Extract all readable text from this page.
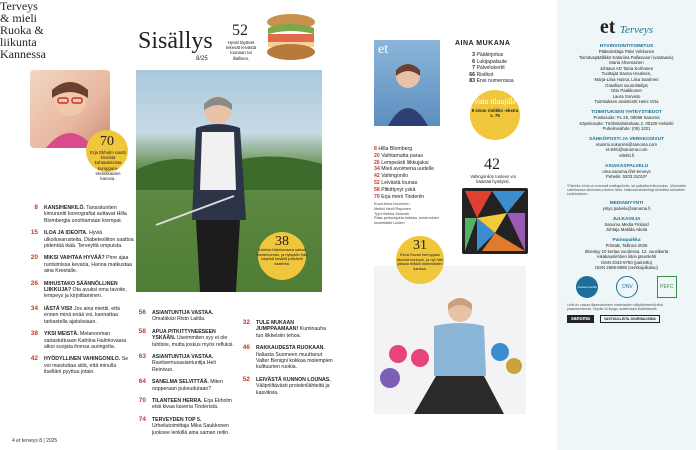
70
Erja Ekholm nautti kivoista kohtaamisista kumppani-ehdokkaiden kanssa.
Terveys & mieli
8 KANSIHENKILÖ. Tanssituntien kimurantit koreografiat auttavat Hilla Blombergia unohtamaan krempat.
15 ILOA JA IDEOITA. Hyviä ulkoiluvarusteita, Diabetesliiton saattoa pidentää ikää. Terveyttä ompuista.
20 MIKSI VAIHTAA HYVÄÄ? Pirre ajaa ruotsimissa kevaria, Hanna matkustaa aina Kreetalle.
26 MIHUSTAKO SÄÄNNÖLLINEN LIIKKUJA? Ota avuksi oma tavoite, lempeys ja kirjoittaminen.
34 IÄSTÄ VISI! Jos aina miettii, että ennen minä enää voi, kannattaa tarkastella ajatuksiaan.
38 YKSI MEISTÄ. Melanooman sairastuttuaan Katriina Halmiovaara alkoi suojata ihonsa auringolta.
42 HYÖDYLLINEN VAHINGONILO. Se voi muistuttaa siitä, että minulla itselläni pyyttuu jotain.
Sisällys
8/25
52
Hyvät täytteet tekevät leivästä lounaan tai illallisen.
38
Katriina Halmiovaara saisuti melanooman, ja nykyään hän käyttää kesällä peittäviä vaatteita.
56 ASIANTUNTIJA VASTAA. Omaläkäri Risto Laitila.
58 APUA PITKITTYNEESEEN YSKÄÄN. Useimmiten syy ei ole tuhtiste, mutta joskus myös refluksi.
63 ASIANTUNTIJA VASTAA. Ravitsemusasiantuntija Heli Reinivuo.
64 SANELMA SELVITTÄÄ. Miten oopperaan pukeudutaan?
70 TILANTEEN HERRA. Erja Ekholm etsii kivaa kaveria Tinderistä.
74 TERVEYDEN TOP 5. Urheilutoimittaja Mika Saukkonen juoksee lenkillä aina saman reitin.
Ruoka & liikunta
32 TULE MUKAAN JUMPPAAMAAN! Kuminauha tuo liikkeisiin tehoa.
46 RAKKAUDESTA RUOKAAN. Italiasta Suomeen muuttanut Valter Benigni kokkaa molempien kulttuurien ruokia.
52 LEIVÄSTÄ KUNNON LOUNAS. Välipriiltävästi proteiinilähteitä ja kasviksia.
4 et terveys 8 | 2025
et	AINA MUKANA

3 Pääkirjoitus

6 Lukijapalaute

7 Palvelukortit

66 Ristikot

83 Ensi numerossa

Vain tilaajille
8 sivun ristikko -ekstra s. 75
Kannessa

8 Hilla Blomberg

20 Vaihtamatta paras

26 Lempeästi liikkujaksi

34 Mieli avoimena uudelle

42 Vahingonilo

52 Leivästä lounas

58 Pitkittynyt yskä

70 Erja meni Tinderiin

Kuva Anna Huovinen
Meikki Heidi Raponen
Tyyli Heikka Siulonto
Paita pellavajoela Indiska, tomerrsinen neulettakki Linden
42
Vahingonilon tunteen voi kääntää hyödyksi.
31
Eeva Sovari tsemppasi itsensä kuntoon, ja nyt hän jaksaa leikkiä lastenlasten kanssa.
et Terveys
HYVINVOINTITOIMITUS

Päätoimittaja Päivi Virkkunen

Toimituspäällikkö Katariina Pallasvuori (vastaava),

Maria Ahvenainen

Johtava AD Taina Korhonen

Tuottajat Sanna Houtinen,

Marja-Liisa Hussa, Liisa Saarinen

Graafiset suunnittelijat

Otto Paakkonen

Laura Sorvisto

Toimituksen assistentti Heini Virta

TOIMITUKSEN YHTEYSTIEDOT

Postiosoite: PL 25, 00089 Sanoma

Käyntiosoite: Töölönlahdenkatu 2, 00100 Helsinki

Puhelinvaihde: (09) 1201

SÄHKÖPOSTI JA VERKKOSIVUT

etunimi.sukunimi@sanoma.com

et-lehti@sanoma.com

etlehti.fi

ASIAKASPALVELU

oma.sanoma.fi/et-terveys

Puhelin: 0203 31010*

*Palvelun hinta on normaali matkapuhelin- tai paikallisverkkomaksu. Ulkomailta soitettaessa ulkomaan puhelun hinta. Valtiosanrahoitettuja tiedoteita tarkoitettu koulutukseen...

MEDIAMYYNTI

yritys palvelu@sanoma.fi

JULKAISIJA

Sanoma Media Finland

Johtaja Matilda Aikola

Painopaikka

PrintaB, Tallinna 2025

Ilmestyy 10 kertaa vuodessa. 12. vuosikerta

Aikakauslehtien liiton jäsenlehti

ISSN 2342-6780 (painettu)

ISSN 2669-9885 (verkkojulkaisu)

Joutsenmerkki	DNV	PEFC

Lehti on vastaa tilaamattomien materiaalien säilyttämisestä eikä palauttamisesta. Tarjolla oli tilaaja, asiakkuksia lisäämisestä

sanoma	VASTUULLISTA JOURNALISMIA
